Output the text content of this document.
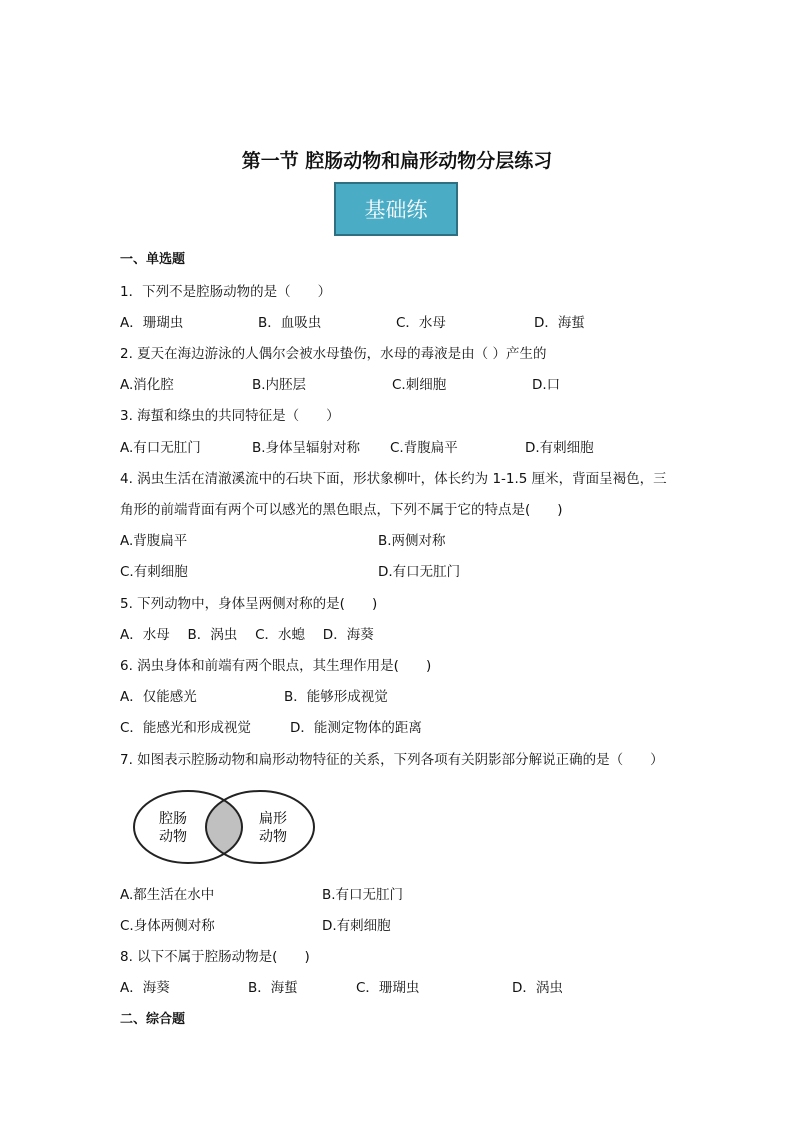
第一节 腔肠动物和扁形动物分层练习
基础练
一、单选题
1．下列不是腔肠动物的是（　　）
A．珊瑚虫	B．血吸虫	C．水母	D．海蜇
2. 夏天在海边游泳的人偶尔会被水母蛰伤，水母的毒液是由（ ）产生的
A.消化腔	B.内胚层	C.刺细胞	D.口
3. 海蜇和绦虫的共同特征是（　　）
A.有口无肛门	B.身体呈辐射对称 C.背腹扁平	D.有刺细胞
4. 涡虫生活在清澈溪流中的石块下面，形状象柳叶，体长约为 1-1.5 厘米，背面呈褐色，三
角形的前端背面有两个可以感光的黑色眼点，下列不属于它的特点是(　　)
A.背腹扁平	B.两侧对称
C.有刺细胞	D.有口无肛门
5. 下列动物中，身体呈两侧对称的是(　　)
A．水母　 B．涡虫　 C．水螅　 D．海葵
6. 涡虫身体和前端有两个眼点，其生理作用是(　　)
A．仅能感光	B．能够形成视觉
C．能感光和形成视觉	D．能测定物体的距离
7. 如图表示腔肠动物和扁形动物特征的关系，下列各项有关阴影部分解说正确的是（　　）
腔肠
动物
扁形
动物
A.都生活在水中	B.有口无肛门
C.身体两侧对称	D.有刺细胞
8. 以下不属于腔肠动物是(　　)
A．海葵	B．海蜇	C．珊瑚虫	D．涡虫
二、综合题
